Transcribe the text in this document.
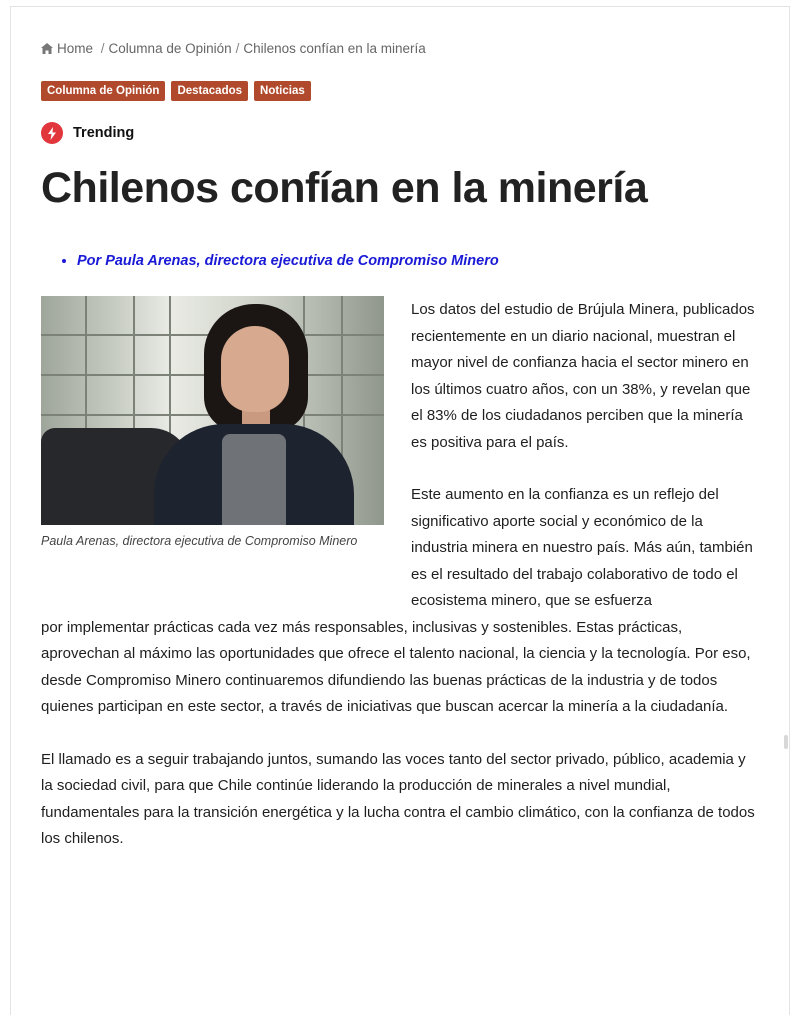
Home / Columna de Opinión / Chilenos confían en la minería
Columna de Opinión	Destacados	Noticias
Trending
Chilenos confían en la minería
• Por Paula Arenas, directora ejecutiva de Compromiso Minero

Los datos del estudio de Brújula Minera, publicados recientemente en un diario nacional, muestran el mayor nivel de confianza hacia el sector minero en los últimos cuatro años, con un 38%, y revelan que el 83% de los ciudadanos perciben que la minería es positiva para el país.

Este aumento en la confianza es un reflejo del significativo aporte social y económico de la industria minera en nuestro país. Más aún, también es el resultado del trabajo colaborativo de todo el ecosistema minero, que se esfuerza

por implementar prácticas cada vez más responsables, inclusivas y sostenibles. Estas prácticas, aprovechan al máximo las oportunidades que ofrece el talento nacional, la ciencia y la tecnología. Por eso, desde Compromiso Minero continuaremos difundiendo las buenas prácticas de la industria y de todos quienes participan en este sector, a través de iniciativas que buscan acercar la minería a la ciudadanía.

El llamado es a seguir trabajando juntos, sumando las voces tanto del sector privado, público, academia y la sociedad civil, para que Chile continúe liderando la producción de minerales a nivel mundial, fundamentales para la transición energética y la lucha contra el cambio climático, con la confianza de todos los chilenos.

Paula Arenas, directora ejecutiva de Compromiso Minero
